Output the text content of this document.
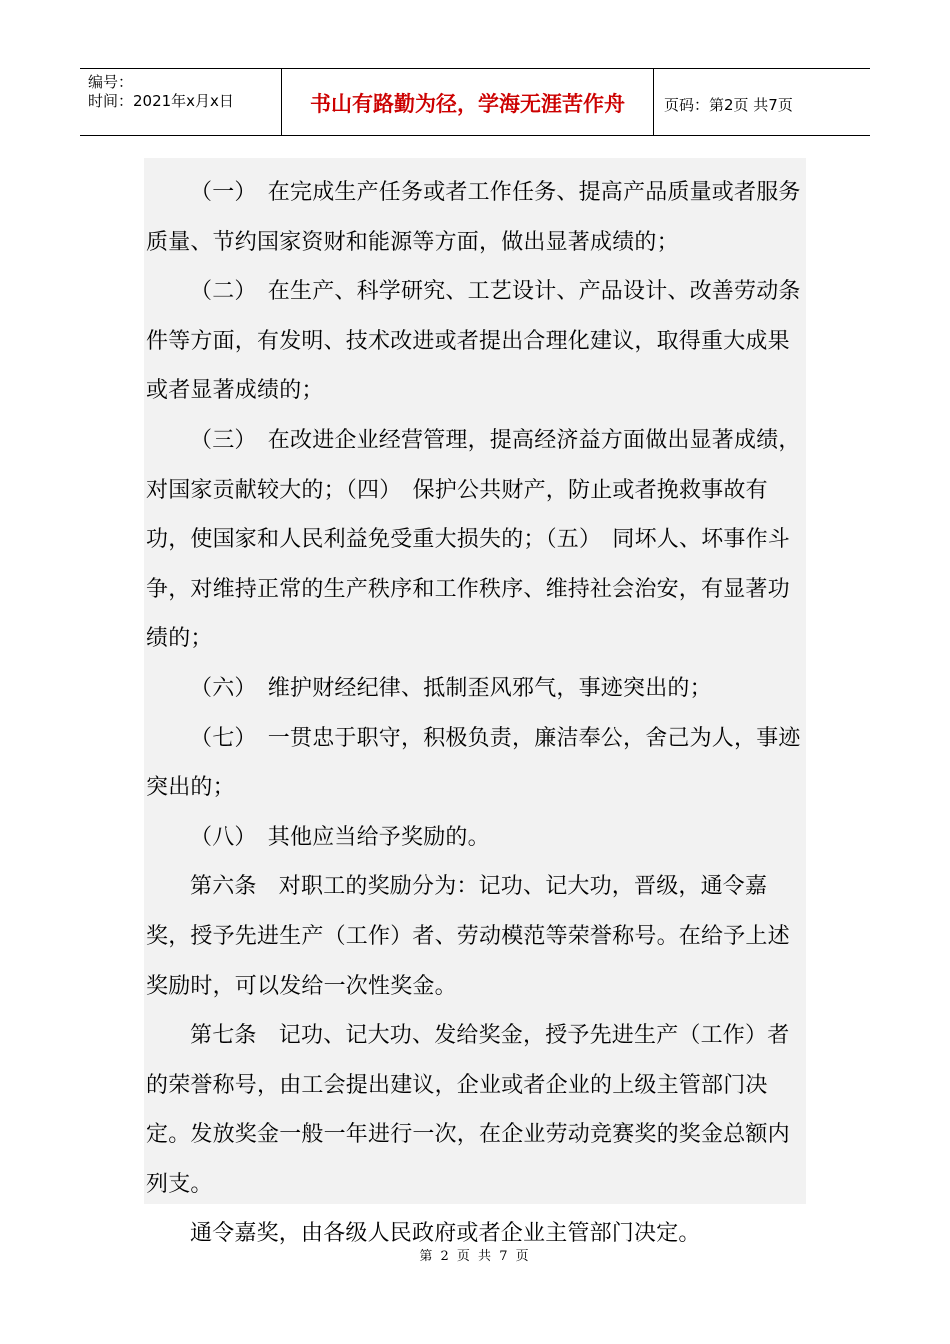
编号：
时间：2021年x月x日	书山有路勤为径，学海无涯苦作舟	页码：第2页 共7页

（一）　在完成生产任务或者工作任务、提高产品质量或者服务质量、节约国家资财和能源等方面，做出显著成绩的；

（二）　在生产、科学研究、工艺设计、产品设计、改善劳动条件等方面，有发明、技术改进或者提出合理化建议，取得重大成果或者显著成绩的；

（三）　在改进企业经营管理，提高经济益方面做出显著成绩，对国家贡献较大的；（四）　保护公共财产，防止或者挽救事故有功，使国家和人民利益免受重大损失的；（五）　同坏人、坏事作斗争，对维持正常的生产秩序和工作秩序、维持社会治安，有显著功绩的；

（六）　维护财经纪律、抵制歪风邪气，事迹突出的；

（七）　一贯忠于职守，积极负责，廉洁奉公，舍己为人，事迹突出的；

（八）　其他应当给予奖励的。

第六条　对职工的奖励分为：记功、记大功，晋级，通令嘉奖，授予先进生产（工作）者、劳动模范等荣誉称号。在给予上述奖励时，可以发给一次性奖金。

第七条　记功、记大功、发给奖金，授予先进生产（工作）者的荣誉称号，由工会提出建议，企业或者企业的上级主管部门决定。发放奖金一般一年进行一次，在企业劳动竞赛奖的奖金总额内列支。

通令嘉奖，由各级人民政府或者企业主管部门决定。

第 2 页 共 7 页
